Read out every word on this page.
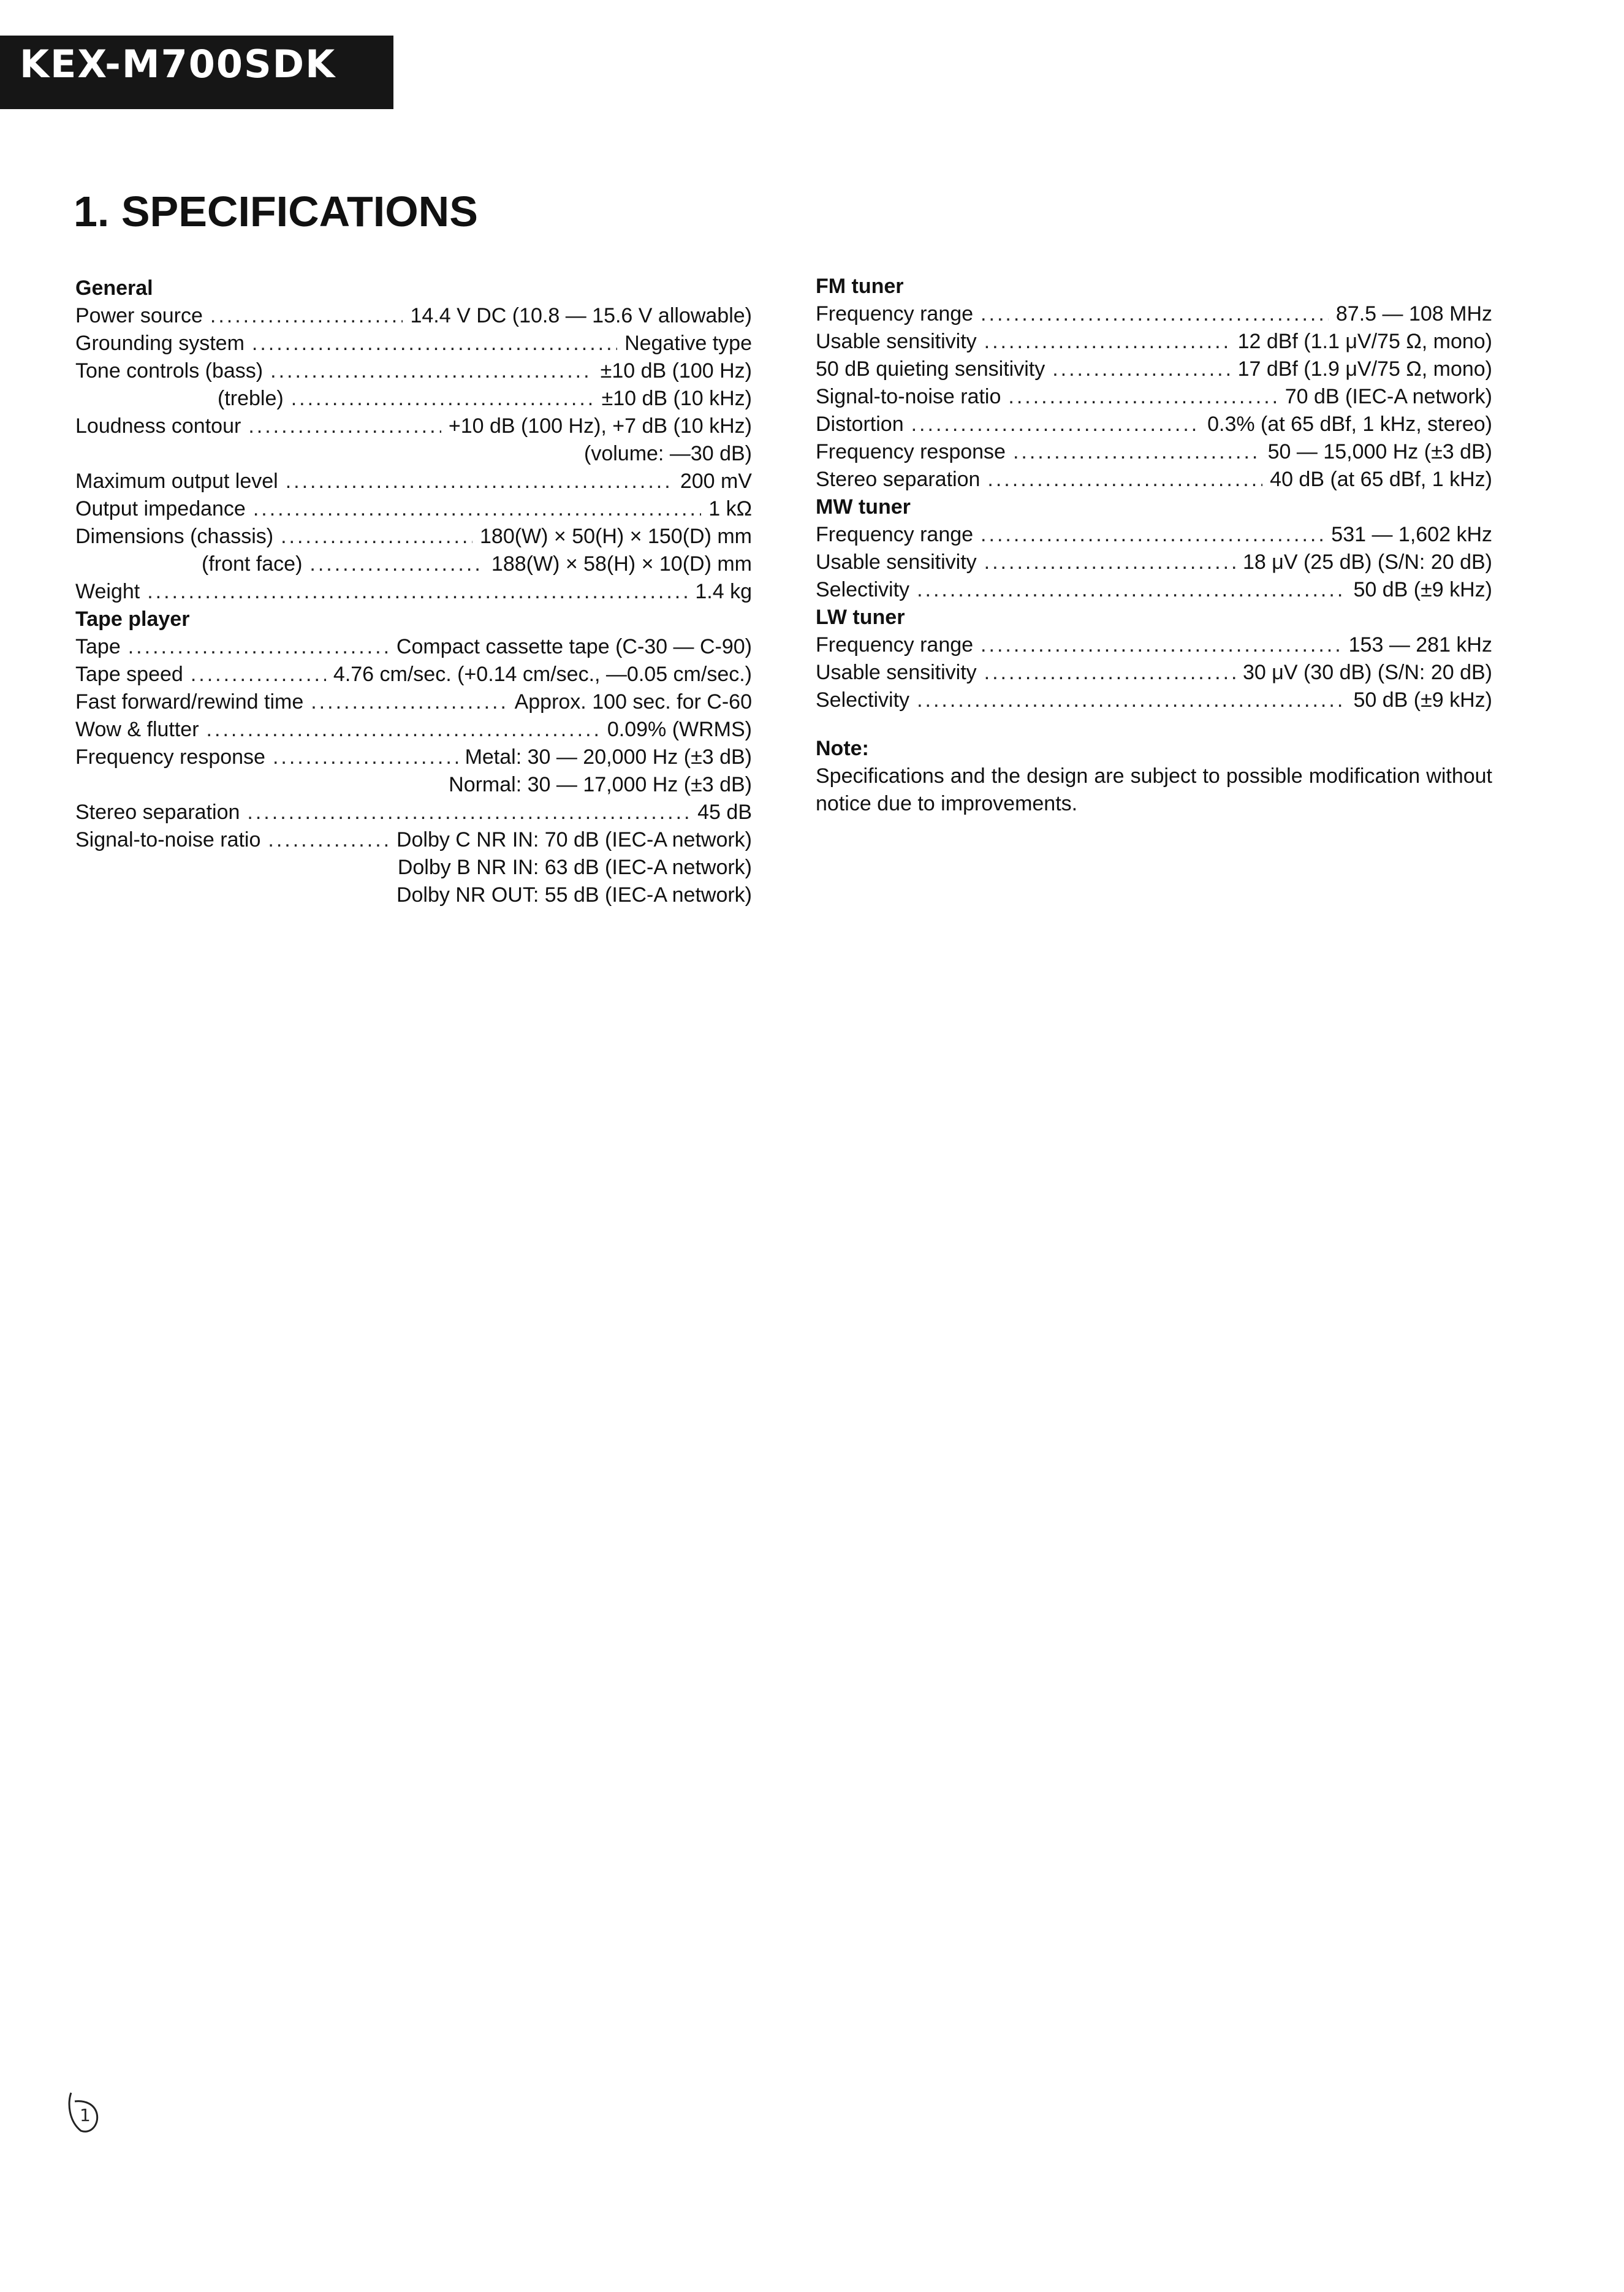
KEX-M700SDK
1. SPECIFICATIONS
General
Power source .....	14.4 V DC (10.8 — 15.6 V allowable)
Grounding system .....	Negative type
Tone controls (bass) .....	±10 dB (100 Hz)
(treble) .....	±10 dB (10 kHz)
Loudness contour .....	+10 dB (100 Hz), +7 dB (10 kHz)
(volume: —30 dB)
Maximum output level .....	200 mV
Output impedance .....	1 kΩ
Dimensions (chassis) .....	180(W) × 50(H) × 150(D) mm
(front face) .....	188(W) × 58(H) × 10(D) mm
Weight .....	1.4 kg
Tape player
Tape .....	Compact cassette tape (C-30 — C-90)
Tape speed .....	4.76 cm/sec. (+0.14 cm/sec., —0.05 cm/sec.)
Fast forward/rewind time .....	Approx. 100 sec. for C-60
Wow & flutter .....	0.09% (WRMS)
Frequency response .....	Metal: 30 — 20,000 Hz (±3 dB)
Normal: 30 — 17,000 Hz (±3 dB)
Stereo separation .....	45 dB
Signal-to-noise ratio .....	Dolby C NR IN: 70 dB (IEC-A network)
Dolby B NR IN: 63 dB (IEC-A network)
Dolby NR OUT: 55 dB (IEC-A network)
FM tuner
Frequency range .....	87.5 — 108 MHz
Usable sensitivity .....	12 dBf (1.1 μV/75 Ω, mono)
50 dB quieting sensitivity .....	17 dBf (1.9 μV/75 Ω, mono)
Signal-to-noise ratio .....	70 dB (IEC-A network)
Distortion .....	0.3% (at 65 dBf, 1 kHz, stereo)
Frequency response .....	50 — 15,000 Hz (±3 dB)
Stereo separation .....	40 dB (at 65 dBf, 1 kHz)
MW tuner
Frequency range .....	531 — 1,602 kHz
Usable sensitivity .....	18 μV (25 dB) (S/N: 20 dB)
Selectivity .....	50 dB (±9 kHz)
LW tuner
Frequency range .....	153 — 281 kHz
Usable sensitivity .....	30 μV (30 dB) (S/N: 20 dB)
Selectivity .....	50 dB (±9 kHz)
Note:
Specifications and the design are subject to possible modification without notice due to improvements.
1
